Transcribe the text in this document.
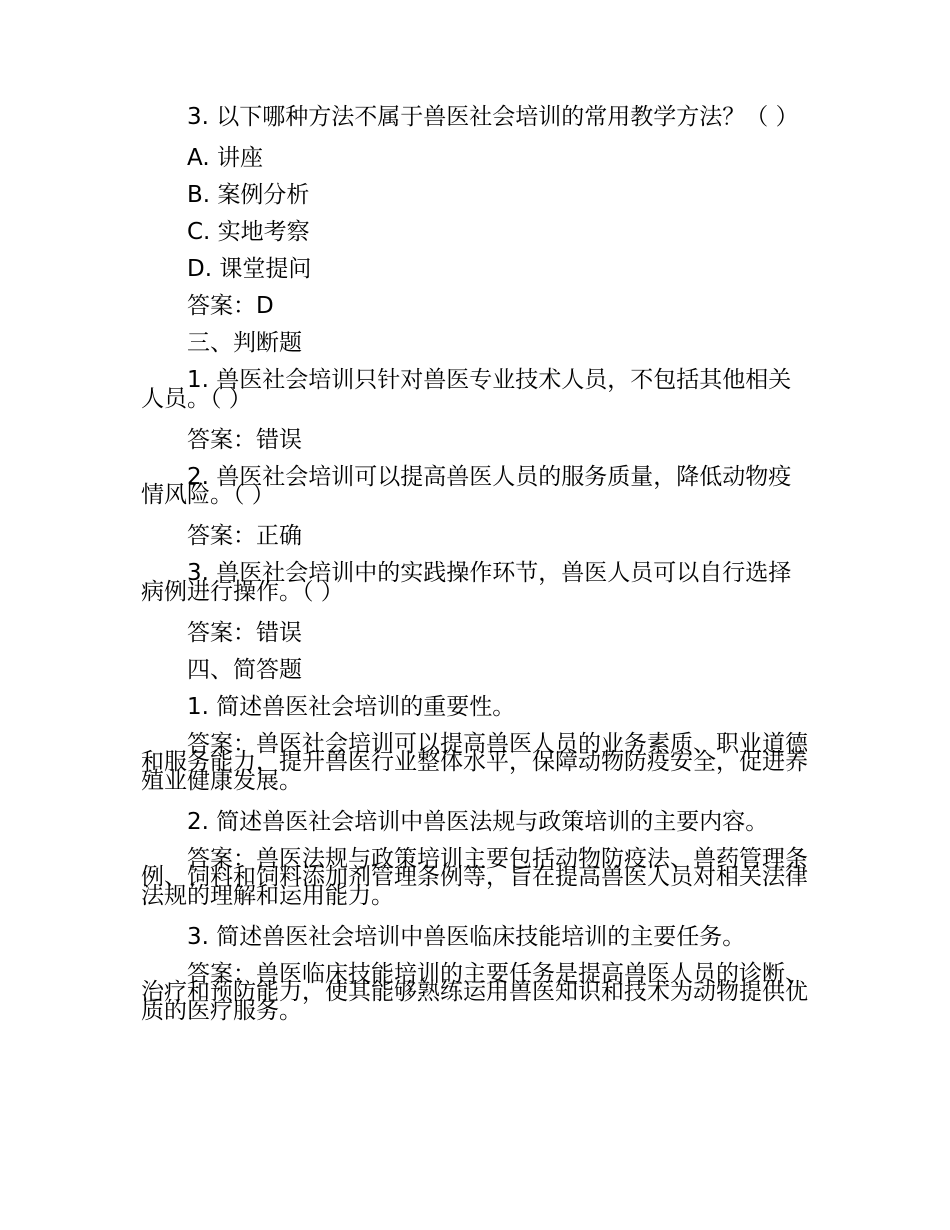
3. 以下哪种方法不属于兽医社会培训的常用教学方法？（ ）

A. 讲座

B. 案例分析

C. 实地考察

D. 课堂提问

答案：D

三、判断题

1. 兽医社会培训只针对兽医专业技术人员，不包括其他相关人员。（ ）

答案：错误

2. 兽医社会培训可以提高兽医人员的服务质量，降低动物疫情风险。（ ）

答案：正确

3. 兽医社会培训中的实践操作环节，兽医人员可以自行选择病例进行操作。（ ）

答案：错误

四、简答题

1. 简述兽医社会培训的重要性。

答案：兽医社会培训可以提高兽医人员的业务素质、职业道德和服务能力，提升兽医行业整体水平，保障动物防疫安全，促进养殖业健康发展。

2. 简述兽医社会培训中兽医法规与政策培训的主要内容。

答案：兽医法规与政策培训主要包括动物防疫法、兽药管理条例、饲料和饲料添加剂管理条例等，旨在提高兽医人员对相关法律法规的理解和运用能力。

3. 简述兽医社会培训中兽医临床技能培训的主要任务。

答案：兽医临床技能培训的主要任务是提高兽医人员的诊断、治疗和预防能力，使其能够熟练运用兽医知识和技术为动物提供优质的医疗服务。
